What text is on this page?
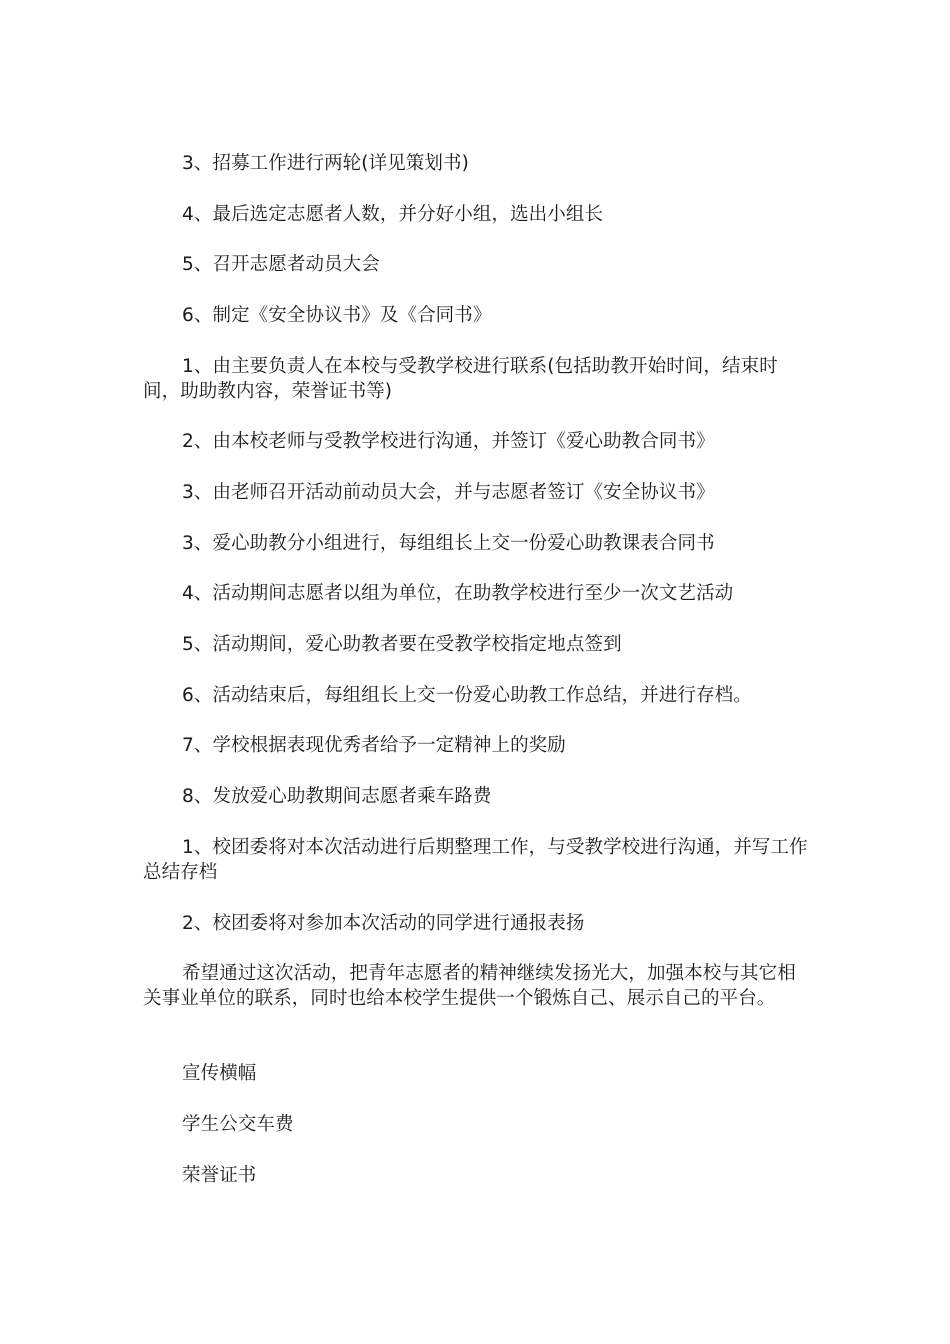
3、招募工作进行两轮(详见策划书)

4、最后选定志愿者人数，并分好小组，选出小组长

5、召开志愿者动员大会

6、制定《安全协议书》及《合同书》

1、由主要负责人在本校与受教学校进行联系(包括助教开始时间，结束时间，助助教内容，荣誉证书等)

2、由本校老师与受教学校进行沟通，并签订《爱心助教合同书》

3、由老师召开活动前动员大会，并与志愿者签订《安全协议书》

3、爱心助教分小组进行，每组组长上交一份爱心助教课表合同书

4、活动期间志愿者以组为单位，在助教学校进行至少一次文艺活动

5、活动期间，爱心助教者要在受教学校指定地点签到

6、活动结束后，每组组长上交一份爱心助教工作总结，并进行存档。

7、学校根据表现优秀者给予一定精神上的奖励

8、发放爱心助教期间志愿者乘车路费

1、校团委将对本次活动进行后期整理工作，与受教学校进行沟通，并写工作总结存档

2、校团委将对参加本次活动的同学进行通报表扬

希望通过这次活动，把青年志愿者的精神继续发扬光大，加强本校与其它相关事业单位的联系，同时也给本校学生提供一个锻炼自己、展示自己的平台。

宣传横幅

学生公交车费

荣誉证书
